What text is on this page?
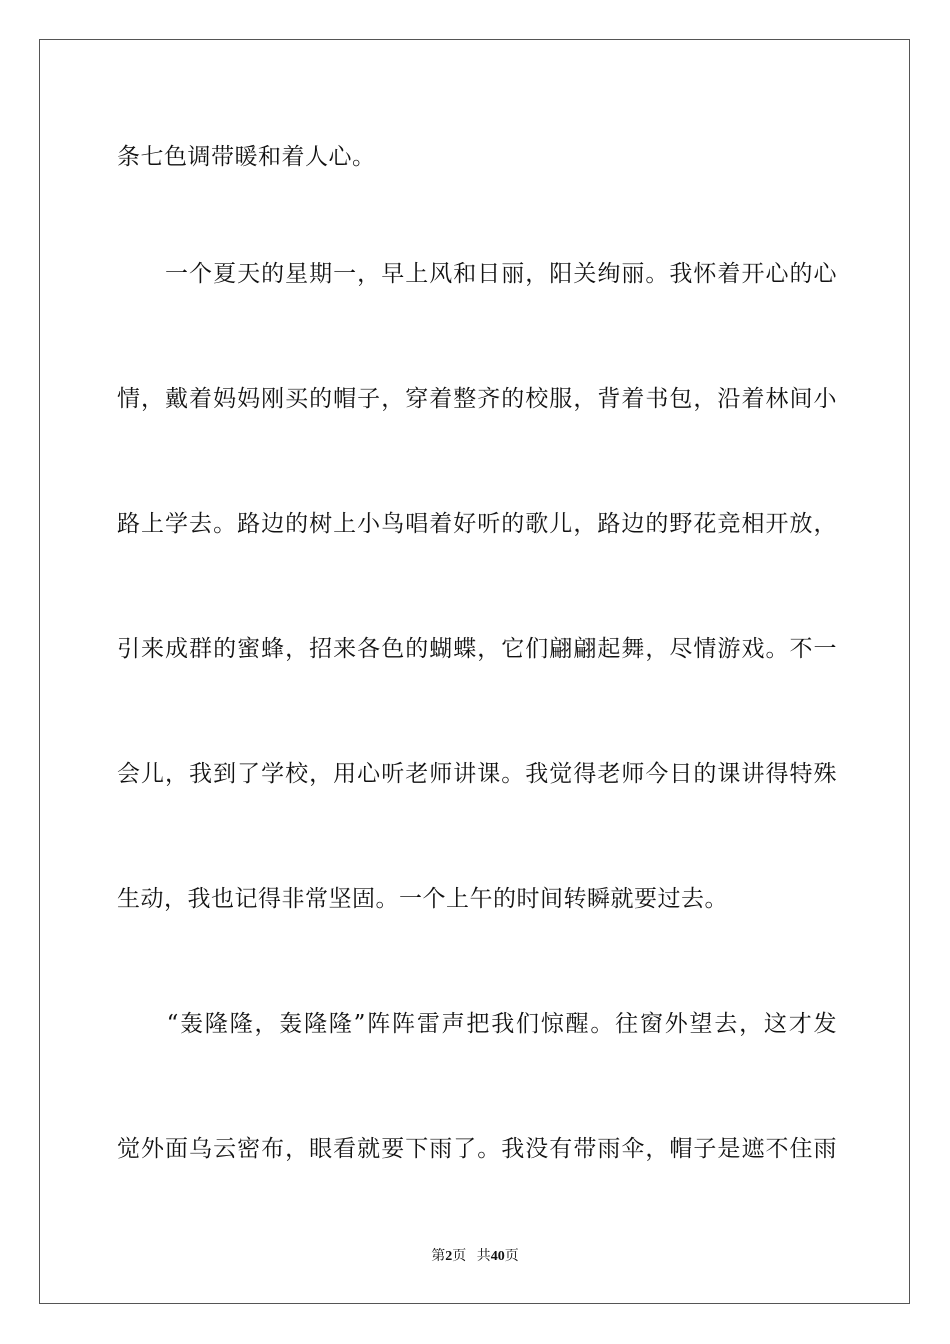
条七色调带暖和着人心。
　　一个夏天的星期一，早上风和日丽，阳关绚丽。我怀着开心的心
情，戴着妈妈刚买的帽子，穿着整齐的校服，背着书包，沿着林间小
路上学去。路边的树上小鸟唱着好听的歌儿，路边的野花竞相开放，
引来成群的蜜蜂，招来各色的蝴蝶，它们翩翩起舞，尽情游戏。不一
会儿，我到了学校，用心听老师讲课。我觉得老师今日的课讲得特殊
生动，我也记得非常坚固。一个上午的时间转瞬就要过去。
　　“轰隆隆，轰隆隆”阵阵雷声把我们惊醒。往窗外望去，这才发
觉外面乌云密布，眼看就要下雨了。我没有带雨伞，帽子是遮不住雨
第2页 共40页
